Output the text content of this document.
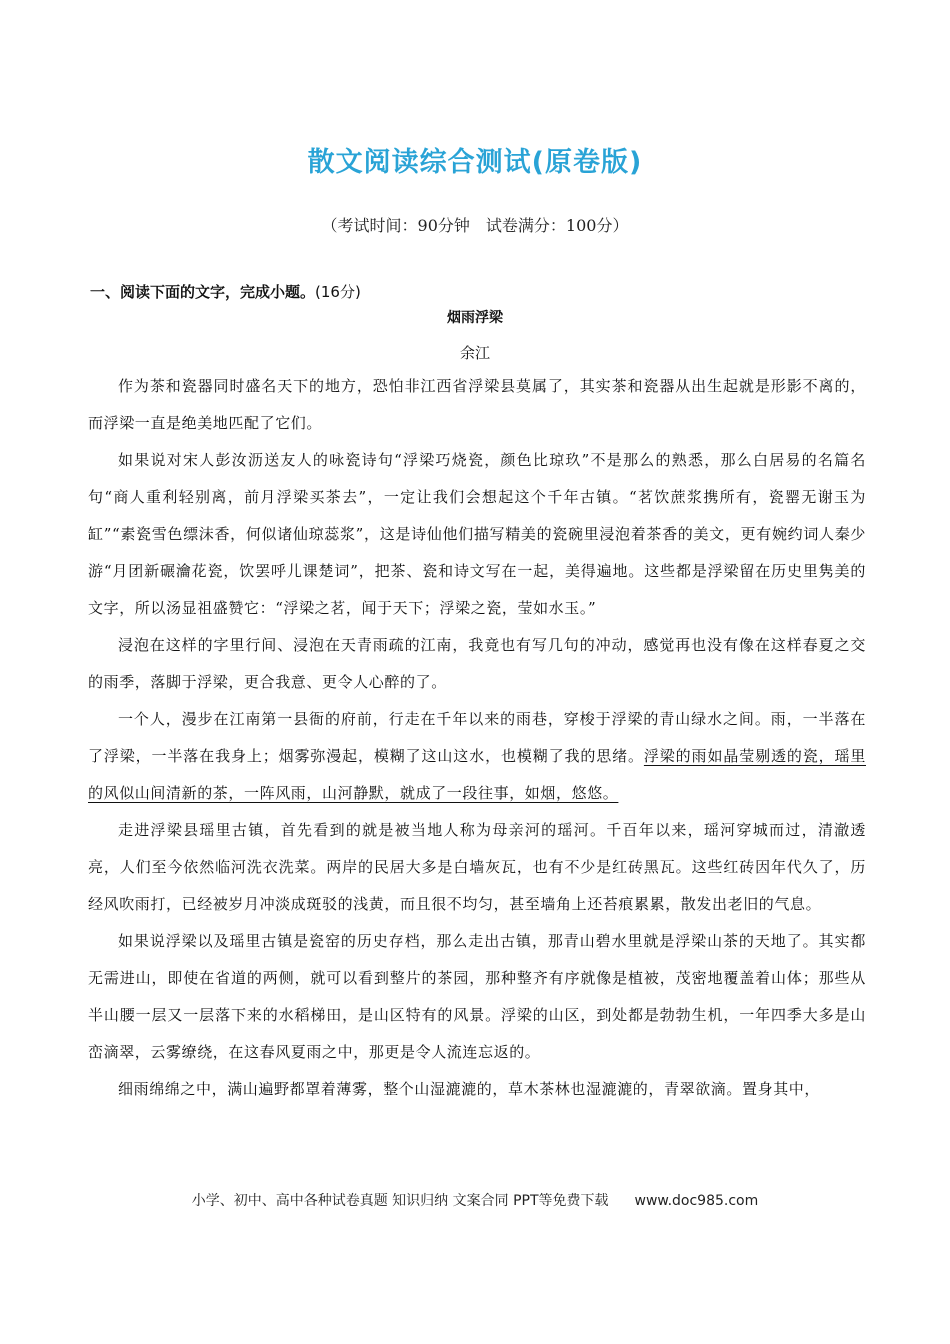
散文阅读综合测试(原卷版)
（考试时间：90分钟　试卷满分：100分）
一、阅读下面的文字，完成小题。(16分)
烟雨浮梁
余江

作为茶和瓷器同时盛名天下的地方，恐怕非江西省浮梁县莫属了，其实茶和瓷器从出生起就是形影不离的，而浮梁一直是绝美地匹配了它们。

如果说对宋人彭汝沥送友人的咏瓷诗句“浮梁巧烧瓷，颜色比琼玖”不是那么的熟悉，那么白居易的名篇名句“商人重利轻别离，前月浮梁买茶去”，一定让我们会想起这个千年古镇。“茗饮蔗浆携所有，瓷罂无谢玉为缸”“素瓷雪色缥沫香，何似诸仙琼蕊浆”，这是诗仙他们描写精美的瓷碗里浸泡着茶香的美文，更有婉约词人秦少游“月团新碾瀹花瓷，饮罢呼儿课楚词”，把茶、瓷和诗文写在一起，美得遍地。这些都是浮梁留在历史里隽美的文字，所以汤显祖盛赞它：“浮梁之茗，闻于天下；浮梁之瓷，莹如水玉。”

浸泡在这样的字里行间、浸泡在天青雨疏的江南，我竟也有写几句的冲动，感觉再也没有像在这样春夏之交的雨季，落脚于浮梁，更合我意、更令人心醉的了。

一个人，漫步在江南第一县衙的府前，行走在千年以来的雨巷，穿梭于浮梁的青山绿水之间。雨，一半落在了浮梁，一半落在我身上；烟雾弥漫起，模糊了这山这水，也模糊了我的思绪。浮梁的雨如晶莹剔透的瓷，瑶里的风似山间清新的茶，一阵风雨，山河静默，就成了一段往事，如烟，悠悠。

走进浮梁县瑶里古镇，首先看到的就是被当地人称为母亲河的瑶河。千百年以来，瑶河穿城而过，清澈透亮，人们至今依然临河洗衣洗菜。两岸的民居大多是白墙灰瓦，也有不少是红砖黑瓦。这些红砖因年代久了，历经风吹雨打，已经被岁月冲淡成斑驳的浅黄，而且很不均匀，甚至墙角上还苔痕累累，散发出老旧的气息。

如果说浮梁以及瑶里古镇是瓷窑的历史存档，那么走出古镇，那青山碧水里就是浮梁山茶的天地了。其实都无需进山，即使在省道的两侧，就可以看到整片的茶园，那种整齐有序就像是植被，茂密地覆盖着山体；那些从半山腰一层又一层落下来的水稻梯田，是山区特有的风景。浮梁的山区，到处都是勃勃生机，一年四季大多是山峦滴翠，云雾缭绕，在这春风夏雨之中，那更是令人流连忘返的。

细雨绵绵之中，满山遍野都罩着薄雾，整个山湿漉漉的，草木茶林也湿漉漉的，青翠欲滴。置身其中，

小学、初中、高中各种试卷真题 知识归纳 文案合同 PPT等免费下载 www.doc985.com
